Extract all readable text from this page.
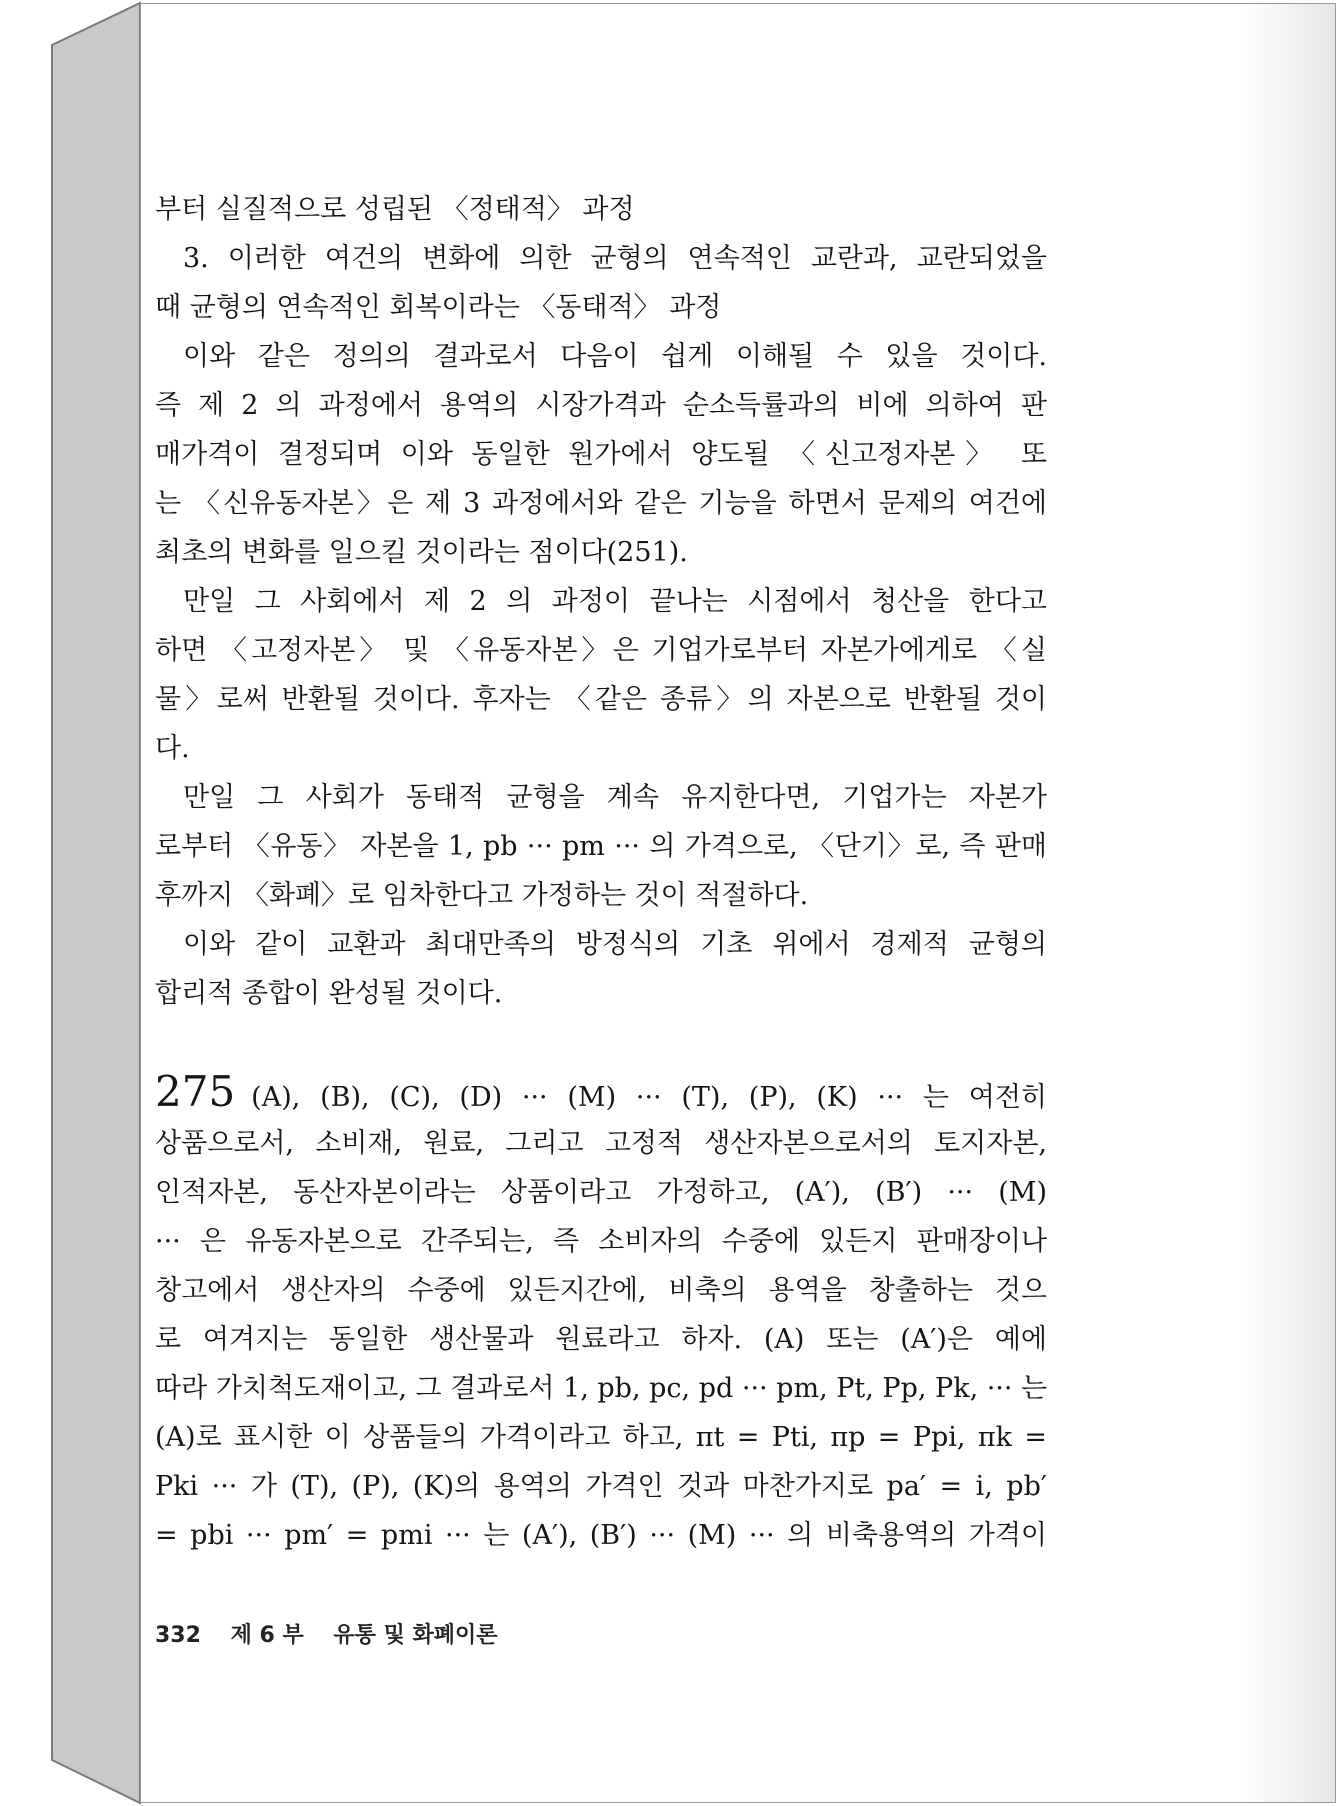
부터 실질적으로 성립된 〈정태적〉 과정
3. 이러한 여건의 변화에 의한 균형의 연속적인 교란과, 교란되었을
때 균형의 연속적인 회복이라는 〈동태적〉 과정
이와 같은 정의의 결과로서 다음이 쉽게 이해될 수 있을 것이다.
즉 제 2 의 과정에서 용역의 시장가격과 순소득률과의 비에 의하여 판
매가격이 결정되며 이와 동일한 원가에서 양도될 〈신고정자본〉 또
는 〈신유동자본〉은 제 3 과정에서와 같은 기능을 하면서 문제의 여건에
최초의 변화를 일으킬 것이라는 점이다(251).
만일 그 사회에서 제 2 의 과정이 끝나는 시점에서 청산을 한다고
하면 〈고정자본〉 및 〈유동자본〉은 기업가로부터 자본가에게로 〈실
물〉로써 반환될 것이다. 후자는 〈같은 종류〉의 자본으로 반환될 것이
다.
만일 그 사회가 동태적 균형을 계속 유지한다면, 기업가는 자본가
로부터 〈유동〉 자본을 1, pb ··· pm ··· 의 가격으로, 〈단기〉로, 즉 판매
후까지 〈화폐〉로 임차한다고 가정하는 것이 적절하다.
이와 같이 교환과 최대만족의 방정식의 기초 위에서 경제적 균형의
합리적 종합이 완성될 것이다.
275 (A), (B), (C), (D) ··· (M) ··· (T), (P), (K) ··· 는 여전히
상품으로서, 소비재, 원료, 그리고 고정적 생산자본으로서의 토지자본,
인적자본, 동산자본이라는 상품이라고 가정하고, (A′), (B′) ··· (M)
··· 은 유동자본으로 간주되는, 즉 소비자의 수중에 있든지 판매장이나
창고에서 생산자의 수중에 있든지간에, 비축의 용역을 창출하는 것으
로 여겨지는 동일한 생산물과 원료라고 하자. (A) 또는 (A′)은 예에
따라 가치척도재이고, 그 결과로서 1, pb, pc, pd ··· pm, Pt, Pp, Pk, ··· 는
(A)로 표시한 이 상품들의 가격이라고 하고, πt = Pti, πp = Ppi, πk =
Pki ··· 가 (T), (P), (K)의 용역의 가격인 것과 마찬가지로 pa′ = i, pb′
= pbi ··· pm′ = pmi ··· 는 (A′), (B′) ··· (M) ··· 의 비축용역의 가격이
332 제 6 부 유통 및 화폐이론
